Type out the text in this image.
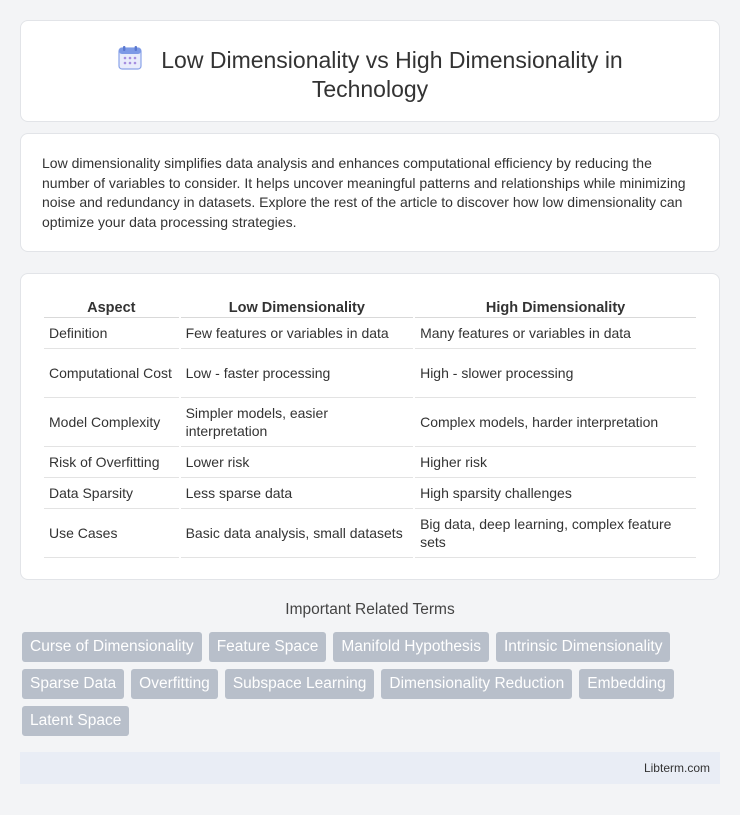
Low Dimensionality vs High Dimensionality in Technology

Low dimensionality simplifies data analysis and enhances computational efficiency by reducing the number of variables to consider. It helps uncover meaningful patterns and relationships while minimizing noise and redundancy in datasets. Explore the rest of the article to discover how low dimensionality can optimize your data processing strategies.

Aspect	Low Dimensionality	High Dimensionality
Definition	Few features or variables in data	Many features or variables in data
Computational Cost	Low - faster processing	High - slower processing
Model Complexity	Simpler models, easier interpretation	Complex models, harder interpretation
Risk of Overfitting	Lower risk	Higher risk
Data Sparsity	Less sparse data	High sparsity challenges
Use Cases	Basic data analysis, small datasets	Big data, deep learning, complex feature sets
Important Related Terms
Curse of Dimensionality	Feature Space	Manifold Hypothesis	Intrinsic Dimensionality
Sparse Data	Overfitting	Subspace Learning	Dimensionality Reduction	Embedding
Latent Space
Libterm.com
